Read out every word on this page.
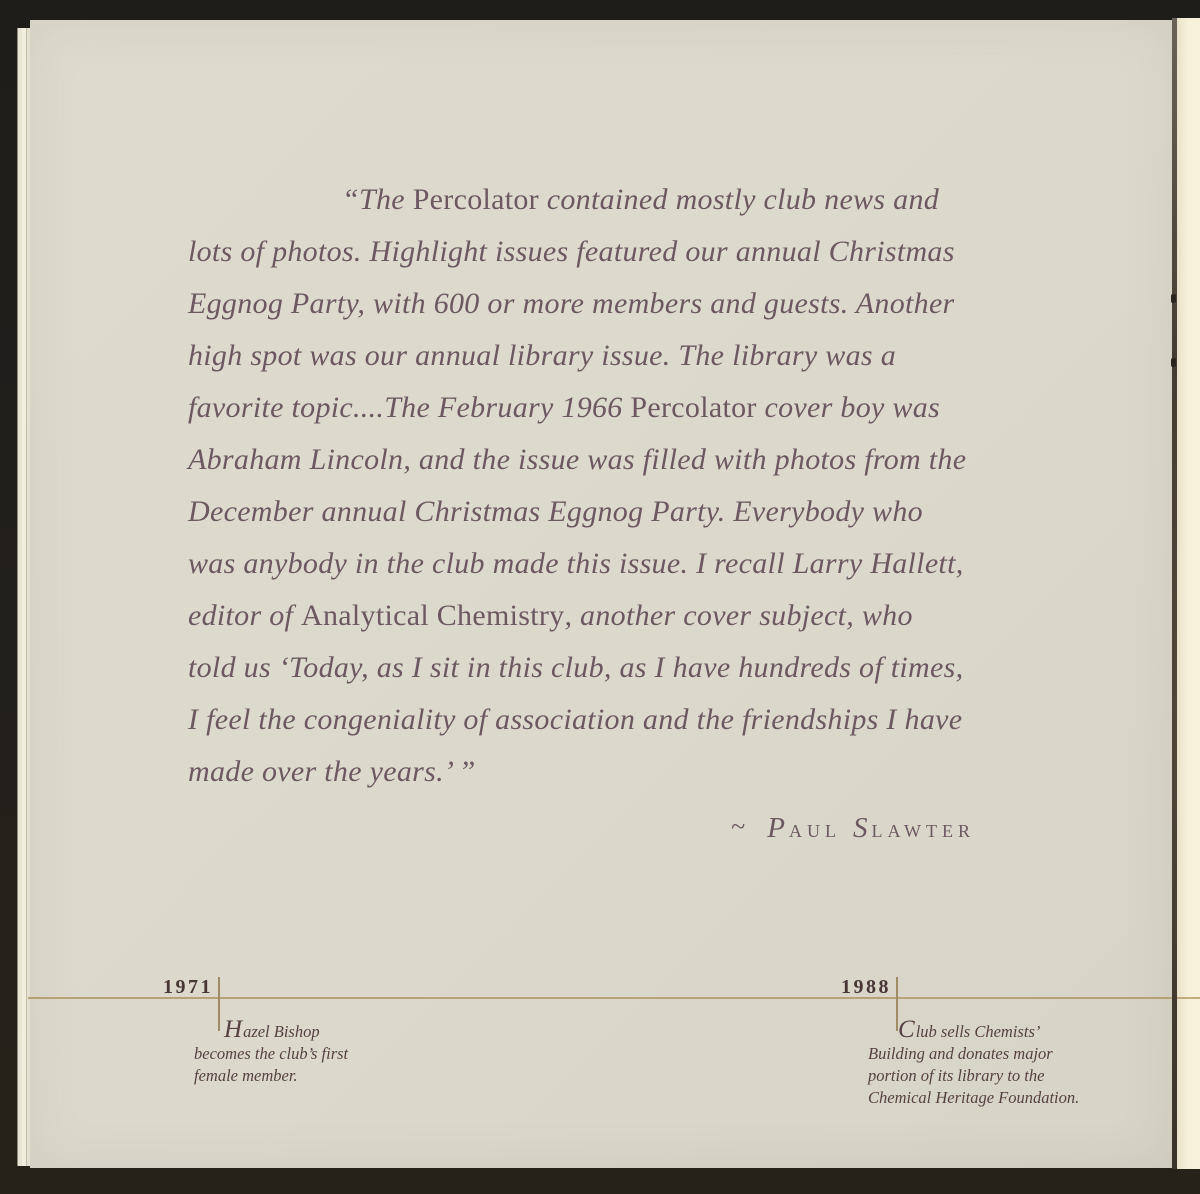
“The Percolator contained mostly club news and
lots of photos. Highlight issues featured our annual Christmas
Eggnog Party, with 600 or more members and guests. Another
high spot was our annual library issue. The library was a
favorite topic....The February 1966 Percolator cover boy was
Abraham Lincoln, and the issue was filled with photos from the
December annual Christmas Eggnog Party. Everybody who
was anybody in the club made this issue. I recall Larry Hallett,
editor of Analytical Chemistry, another cover subject, who
told us ‘Today, as I sit in this club, as I have hundreds of times,
I feel the congeniality of association and the friendships I have
made over the years.’ ”
~ PAUL SLAWTER
1971
Hazel Bishop
becomes the club’s first
female member.
1988
Club sells Chemists’
Building and donates major
portion of its library to the
Chemical Heritage Foundation.
